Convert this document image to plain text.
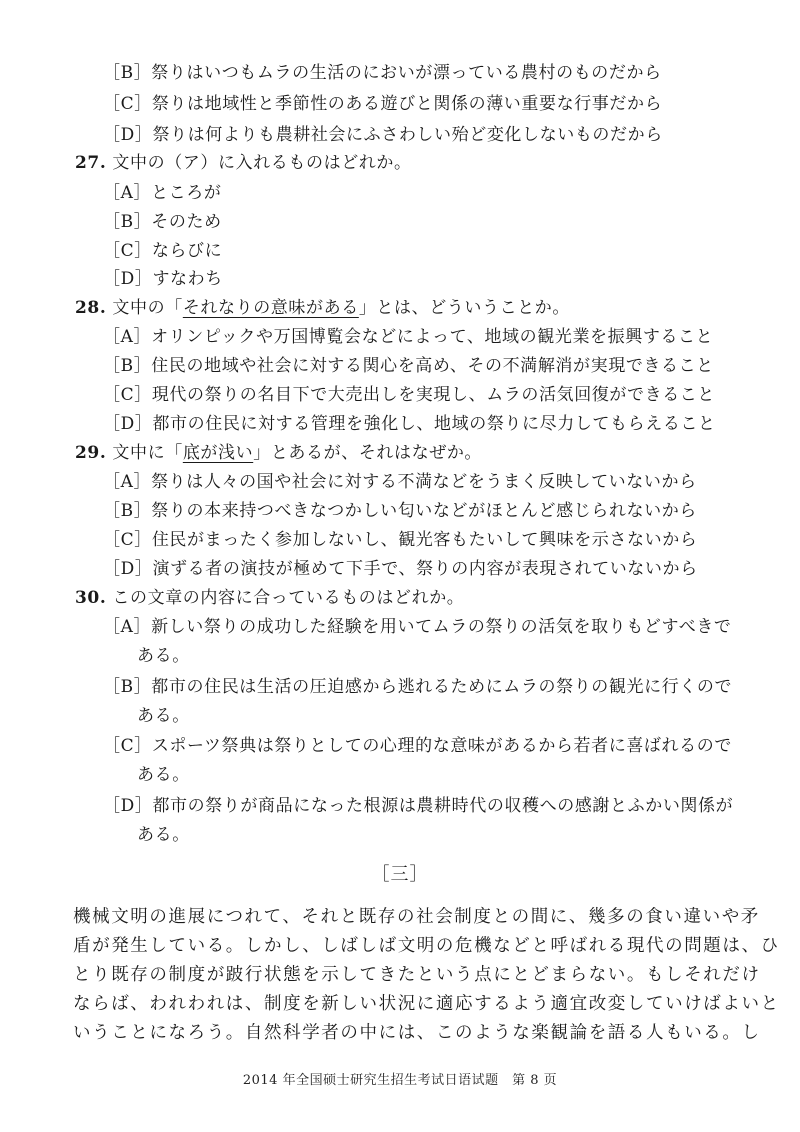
［B］祭りはいつもムラの生活のにおいが漂っている農村のものだから
［C］祭りは地域性と季節性のある遊びと関係の薄い重要な行事だから
［D］祭りは何よりも農耕社会にふさわしい殆ど変化しないものだから
27. 文中の（ア）に入れるものはどれか。
［A］ところが
［B］そのため
［C］ならびに
［D］すなわち
28. 文中の「それなりの意味がある」とは、どういうことか。
［A］オリンピックや万国博覧会などによって、地域の観光業を振興すること
［B］住民の地域や社会に対する関心を高め、その不満解消が実現できること
［C］現代の祭りの名目下で大売出しを実現し、ムラの活気回復ができること
［D］都市の住民に対する管理を強化し、地域の祭りに尽力してもらえること
29. 文中に「底が浅い」とあるが、それはなぜか。
［A］祭りは人々の国や社会に対する不満などをうまく反映していないから
［B］祭りの本来持つべきなつかしい匂いなどがほとんど感じられないから
［C］住民がまったく参加しないし、観光客もたいして興味を示さないから
［D］演ずる者の演技が極めて下手で、祭りの内容が表現されていないから
30. この文章の内容に合っているものはどれか。
［A］新しい祭りの成功した経験を用いてムラの祭りの活気を取りもどすべきで
ある。
［B］都市の住民は生活の圧迫感から逃れるためにムラの祭りの観光に行くので
ある。
［C］スポーツ祭典は祭りとしての心理的な意味があるから若者に喜ばれるので
ある。
［D］都市の祭りが商品になった根源は農耕時代の収穫への感謝とふかい関係が
ある。
［三］
機械文明の進展につれて、それと既存の社会制度との間に、幾多の食い違いや矛
盾が発生している。しかし、しばしば文明の危機などと呼ばれる現代の問題は、ひ
とり既存の制度が跛行状態を示してきたという点にとどまらない。もしそれだけ
ならば、われわれは、制度を新しい状況に適応するよう適宜改変していけばよいと
いうことになろう。自然科学者の中には、このような楽観論を語る人もいる。し
2014 年全国硕士研究生招生考试日语试题　第 8 页
